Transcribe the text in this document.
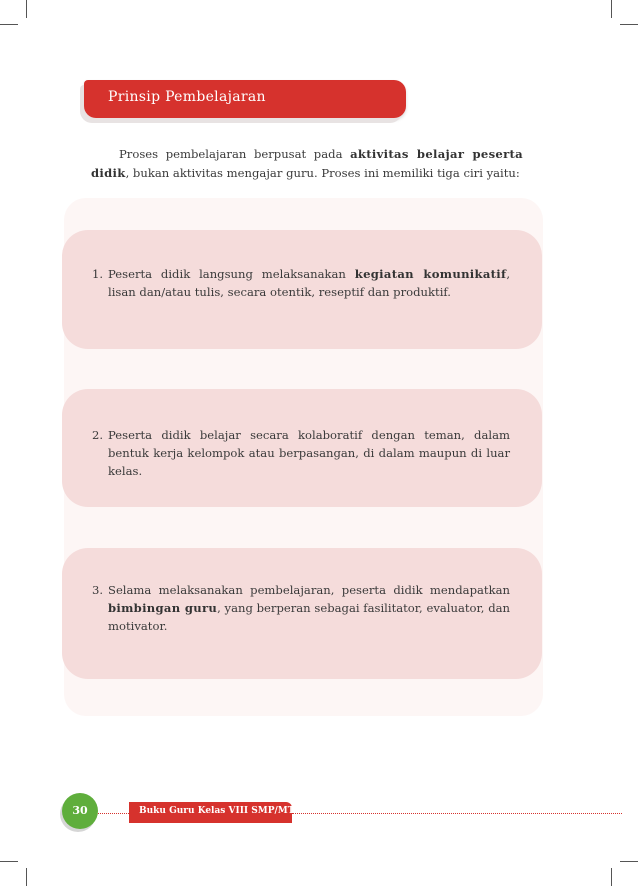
Prinsip Pembelajaran

Proses pembelajaran berpusat pada aktivitas belajar peserta didik, bukan aktivitas mengajar guru. Proses ini memiliki tiga ciri yaitu:

1. Peserta didik langsung melaksanakan kegiatan komunikatif, lisan dan/atau tulis, secara otentik, reseptif dan produktif.
2. Peserta didik belajar secara kolaboratif dengan teman, dalam bentuk kerja kelompok atau berpasangan, di dalam maupun di luar kelas.
3. Selama melaksanakan pembelajaran, peserta didik mendapatkan bimbingan guru, yang berperan sebagai fasilitator, evaluator, dan motivator.
30	Buku Guru Kelas VIII SMP/MTs
